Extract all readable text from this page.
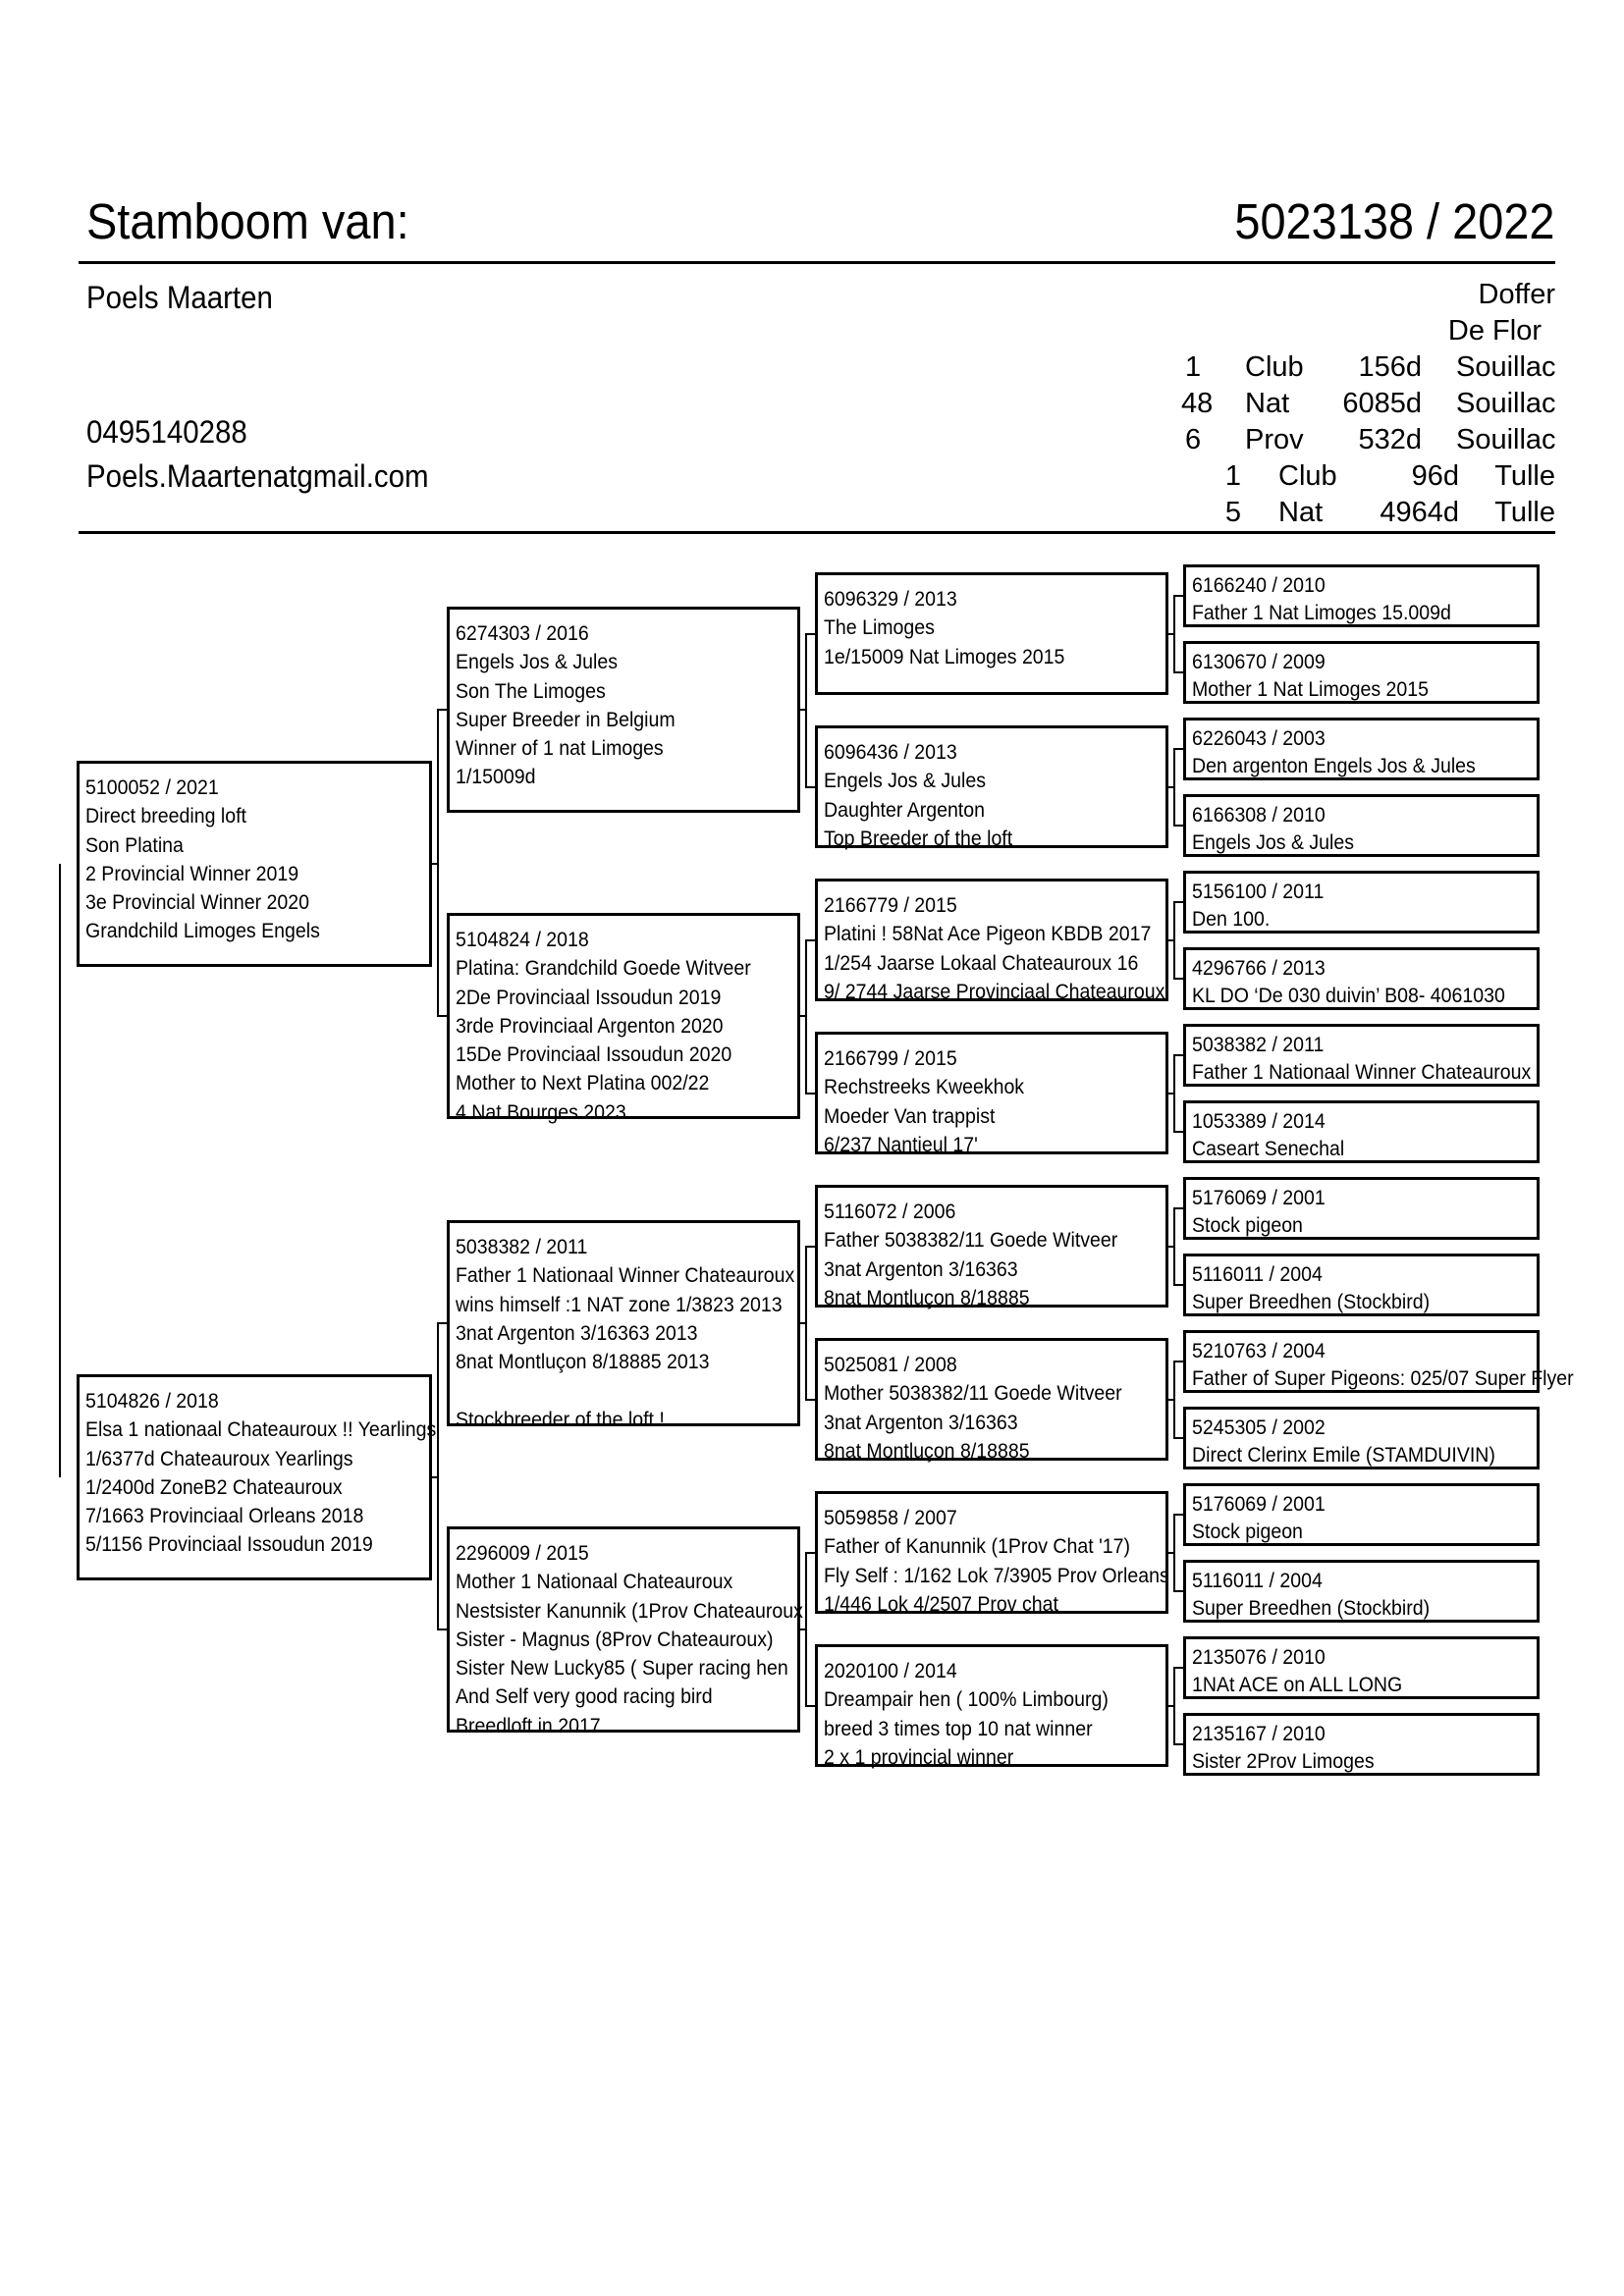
Stamboom van:	5023138 / 2022
Poels Maarten
0495140288
Poels.Maartenatgmail.com
Doffer
De Flor
1 Club 156d Souillac
48 Nat 6085d Souillac
6 Prov 532d Souillac
1 Club	96d Tulle
5 Nat 4964d Tulle
5100052 / 2021
Direct breeding loft
Son Platina
2 Provincial Winner 2019
3e Provincial Winner 2020
Grandchild Limoges Engels
5104826 / 2018
Elsa 1 nationaal Chateauroux !! Yearlings
1/6377d Chateauroux Yearlings
1/2400d ZoneB2 Chateauroux
7/1663 Provinciaal Orleans 2018
5/1156 Provinciaal Issoudun 2019
6274303 / 2016
Engels Jos & Jules
Son The Limoges
Super Breeder in Belgium
Winner of 1 nat Limoges
1/15009d
5104824 / 2018
Platina: Grandchild Goede Witveer
2De Provinciaal Issoudun 2019
3rde Provinciaal Argenton 2020
15De Provinciaal Issoudun 2020
Mother to Next Platina 002/22
4 Nat Bourges 2023
5038382 / 2011
Father 1 Nationaal Winner Chateauroux
wins himself :1 NAT zone 1/3823 2013
3nat Argenton 3/16363 2013
8nat Montluçon 8/18885 2013

Stockbreeder of the loft !
2296009 / 2015
Mother 1 Nationaal Chateauroux
Nestsister Kanunnik (1Prov Chateauroux
Sister - Magnus (8Prov Chateauroux)
Sister New Lucky85 ( Super racing hen
And Self very good racing bird
Breedloft in 2017
6096329 / 2013
The Limoges
1e/15009 Nat Limoges 2015
6096436 / 2013
Engels Jos & Jules
Daughter Argenton
Top Breeder of the loft
2166779 / 2015
Platini ! 58Nat Ace Pigeon KBDB 2017
1/254 Jaarse Lokaal Chateauroux 16
9/ 2744 Jaarse Provinciaal Chateauroux
2166799 / 2015
Rechstreeks Kweekhok
Moeder Van trappist
6/237 Nantieul 17'
5116072 / 2006
Father 5038382/11 Goede Witveer
3nat Argenton 3/16363
8nat Montluçon 8/18885
5025081 / 2008
Mother 5038382/11 Goede Witveer
3nat Argenton 3/16363
8nat Montluçon 8/18885
5059858 / 2007
Father of Kanunnik (1Prov Chat '17)
Fly Self : 1/162 Lok 7/3905 Prov Orleans
1/446 Lok 4/2507 Prov chat
2020100 / 2014
Dreampair hen ( 100% Limbourg)
breed 3 times top 10 nat winner
2 x 1 provincial winner
6166240 / 2010
Father 1 Nat Limoges 15.009d
6130670 / 2009
Mother 1 Nat Limoges 2015
6226043 / 2003
Den argenton Engels Jos & Jules
6166308 / 2010
Engels Jos & Jules
5156100 / 2011
Den 100.
4296766 / 2013
KL DO ‘De 030 duivin’ B08- 4061030
5038382 / 2011
Father 1 Nationaal Winner Chateauroux
1053389 / 2014
Caseart Senechal
5176069 / 2001
Stock pigeon
5116011 / 2004
Super Breedhen (Stockbird)
5210763 / 2004
Father of Super Pigeons: 025/07 Super Flyer
5245305 / 2002
Direct Clerinx Emile (STAMDUIVIN)
5176069 / 2001
Stock pigeon
5116011 / 2004
Super Breedhen (Stockbird)
2135076 / 2010
1NAt ACE on ALL LONG
2135167 / 2010
Sister 2Prov Limoges
